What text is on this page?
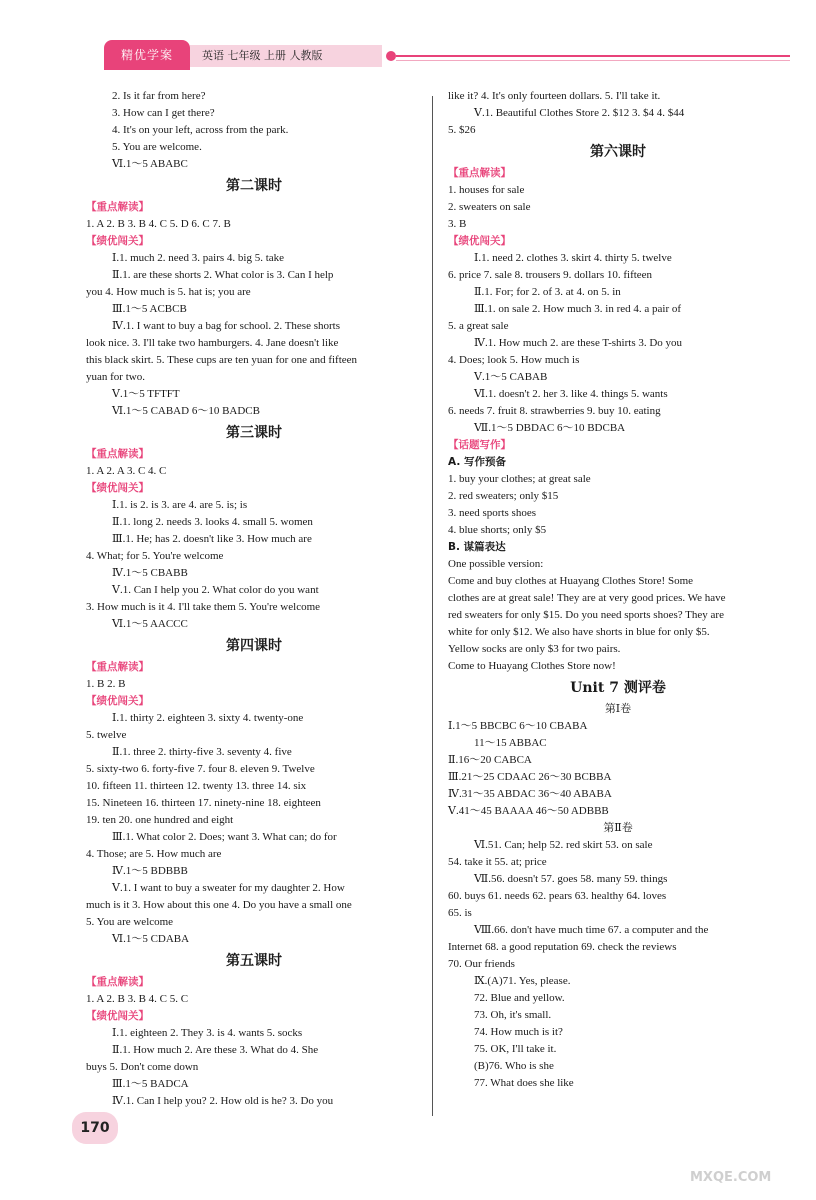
精优学案	英语 七年级 上册 人教版
2. Is it far from here?
3. How can I get there?
4. It's on your left, across from the park.
5. You are welcome.
Ⅵ.1～5 ABABC
第二课时
【重点解读】
1. A 2. B 3. B 4. C 5. D 6. C 7. B
【绩优闯关】
Ⅰ.1. much 2. need 3. pairs 4. big 5. take
Ⅱ.1. are these shorts 2. What color is 3. Can I help
you 4. How much is 5. hat is; you are
Ⅲ.1～5 ACBCB
Ⅳ.1. I want to buy a bag for school. 2. These shorts
look nice. 3. I'll take two hamburgers. 4. Jane doesn't like
this black skirt. 5. These cups are ten yuan for one and fifteen
yuan for two.
Ⅴ.1～5 TFTFT
Ⅵ.1～5 CABAD 6～10 BADCB
第三课时
【重点解读】
1. A 2. A 3. C 4. C
【绩优闯关】
Ⅰ.1. is 2. is 3. are 4. are 5. is; is
Ⅱ.1. long 2. needs 3. looks 4. small 5. women
Ⅲ.1. He; has 2. doesn't like 3. How much are
4. What; for 5. You're welcome
Ⅳ.1～5 CBABB
Ⅴ.1. Can I help you 2. What color do you want
3. How much is it 4. I'll take them 5. You're welcome
Ⅵ.1～5 AACCC
第四课时
【重点解读】
1. B 2. B
【绩优闯关】
Ⅰ.1. thirty 2. eighteen 3. sixty 4. twenty-one
5. twelve
Ⅱ.1. three 2. thirty-five 3. seventy 4. five
5. sixty-two 6. forty-five 7. four 8. eleven 9. Twelve
10. fifteen 11. thirteen 12. twenty 13. three 14. six
15. Nineteen 16. thirteen 17. ninety-nine 18. eighteen
19. ten 20. one hundred and eight
Ⅲ.1. What color 2. Does; want 3. What can; do for
4. Those; are 5. How much are
Ⅳ.1～5 BDBBB
Ⅴ.1. I want to buy a sweater for my daughter 2. How
much is it 3. How about this one 4. Do you have a small one
5. You are welcome
Ⅵ.1～5 CDABA
第五课时
【重点解读】
1. A 2. B 3. B 4. C 5. C
【绩优闯关】
Ⅰ.1. eighteen 2. They 3. is 4. wants 5. socks
Ⅱ.1. How much 2. Are these 3. What do 4. She
buys 5. Don't come down
Ⅲ.1～5 BADCA
Ⅳ.1. Can I help you? 2. How old is he? 3. Do you
like it? 4. It's only fourteen dollars. 5. I'll take it.
Ⅴ.1. Beautiful Clothes Store 2. $12 3. $4 4. $44
5. $26
第六课时
【重点解读】
1. houses for sale
2. sweaters on sale
3. B
【绩优闯关】
Ⅰ.1. need 2. clothes 3. skirt 4. thirty 5. twelve
6. price 7. sale 8. trousers 9. dollars 10. fifteen
Ⅱ.1. For; for 2. of 3. at 4. on 5. in
Ⅲ.1. on sale 2. How much 3. in red 4. a pair of
5. a great sale
Ⅳ.1. How much 2. are these T-shirts 3. Do you
4. Does; look 5. How much is
Ⅴ.1～5 CABAB
Ⅵ.1. doesn't 2. her 3. like 4. things 5. wants
6. needs 7. fruit 8. strawberries 9. buy 10. eating
Ⅶ.1～5 DBDAC 6～10 BDCBA
【话题写作】
A. 写作预备
1. buy your clothes; at great sale
2. red sweaters; only $15
3. need sports shoes
4. blue shorts; only $5
B. 谋篇表达
One possible version:
Come and buy clothes at Huayang Clothes Store! Some
clothes are at great sale! They are at very good prices. We have
red sweaters for only $15. Do you need sports shoes? They are
white for only $12. We also have shorts in blue for only $5.
Yellow socks are only $3 for two pairs.
Come to Huayang Clothes Store now!
Unit 7 测评卷
第Ⅰ卷
Ⅰ.1～5 BBCBC 6～10 CBABA
11～15 ABBAC
Ⅱ.16～20 CABCA
Ⅲ.21～25 CDAAC 26～30 BCBBA
Ⅳ.31～35 ABDAC 36～40 ABABA
Ⅴ.41～45 BAAAA 46～50 ADBBB
第Ⅱ卷
Ⅵ.51. Can; help 52. red skirt 53. on sale
54. take it 55. at; price
Ⅶ.56. doesn't 57. goes 58. many 59. things
60. buys 61. needs 62. pears 63. healthy 64. loves
65. is
Ⅷ.66. don't have much time 67. a computer and the
Internet 68. a good reputation 69. check the reviews
70. Our friends
Ⅸ.(A)71. Yes, please.
72. Blue and yellow.
73. Oh, it's small.
74. How much is it?
75. OK, I'll take it.
(B)76. Who is she
77. What does she like
170
MXQE.COM
